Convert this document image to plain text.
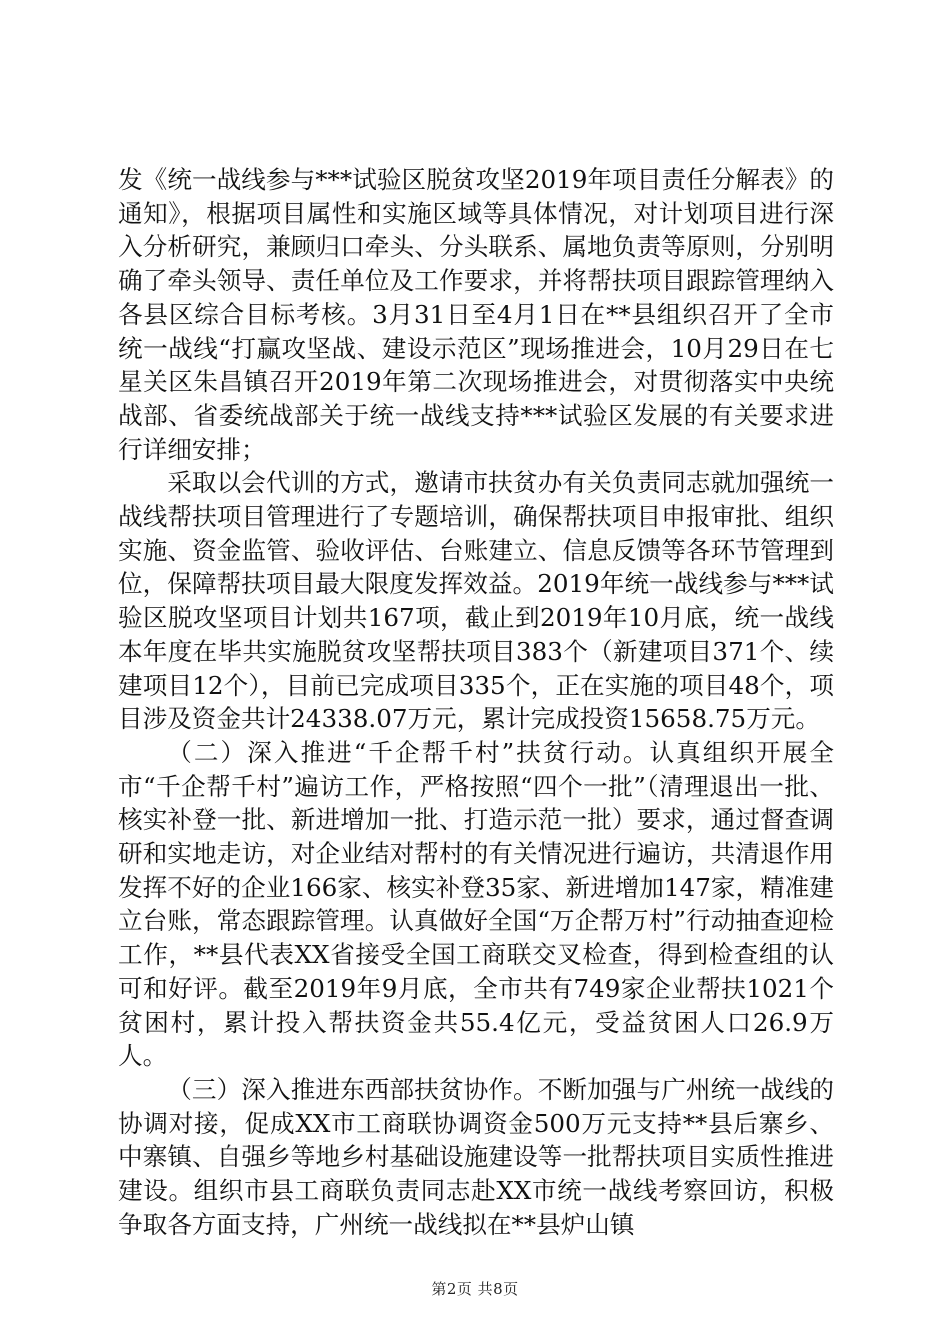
发《统一战线参与***试验区脱贫攻坚2019年项目责任分解表》的通知》，根据项目属性和实施区域等具体情况，对计划项目进行深入分析研究，兼顾归口牵头、分头联系、属地负责等原则，分别明确了牵头领导、责任单位及工作要求，并将帮扶项目跟踪管理纳入各县区综合目标考核。3月31日至4月1日在**县组织召开了全市统一战线“打赢攻坚战、建设示范区”现场推进会，10月29日在七星关区朱昌镇召开2019年第二次现场推进会，对贯彻落实中央统战部、省委统战部关于统一战线支持***试验区发展的有关要求进行详细安排；

采取以会代训的方式，邀请市扶贫办有关负责同志就加强统一战线帮扶项目管理进行了专题培训，确保帮扶项目申报审批、组织实施、资金监管、验收评估、台账建立、信息反馈等各环节管理到位，保障帮扶项目最大限度发挥效益。2019年统一战线参与***试验区脱攻坚项目计划共167项，截止到2019年10月底，统一战线本年度在毕共实施脱贫攻坚帮扶项目383个（新建项目371个、续建项目12个），目前已完成项目335个，正在实施的项目48个，项目涉及资金共计24338.07万元，累计完成投资15658.75万元。

（二）深入推进“千企帮千村”扶贫行动。认真组织开展全市“千企帮千村”遍访工作，严格按照“四个一批”（清理退出一批、核实补登一批、新进增加一批、打造示范一批）要求，通过督查调研和实地走访，对企业结对帮村的有关情况进行遍访，共清退作用发挥不好的企业166家、核实补登35家、新进增加147家，精准建立台账，常态跟踪管理。认真做好全国“万企帮万村”行动抽查迎检工作，**县代表XX省接受全国工商联交叉检查，得到检查组的认可和好评。截至2019年9月底，全市共有749家企业帮扶1021个贫困村，累计投入帮扶资金共55.4亿元，受益贫困人口26.9万人。

（三）深入推进东西部扶贫协作。不断加强与广州统一战线的协调对接，促成XX市工商联协调资金500万元支持**县后寨乡、中寨镇、自强乡等地乡村基础设施建设等一批帮扶项目实质性推进建设。组织市县工商联负责同志赴XX市统一战线考察回访，积极争取各方面支持，广州统一战线拟在**县炉山镇

第2页 共8页
